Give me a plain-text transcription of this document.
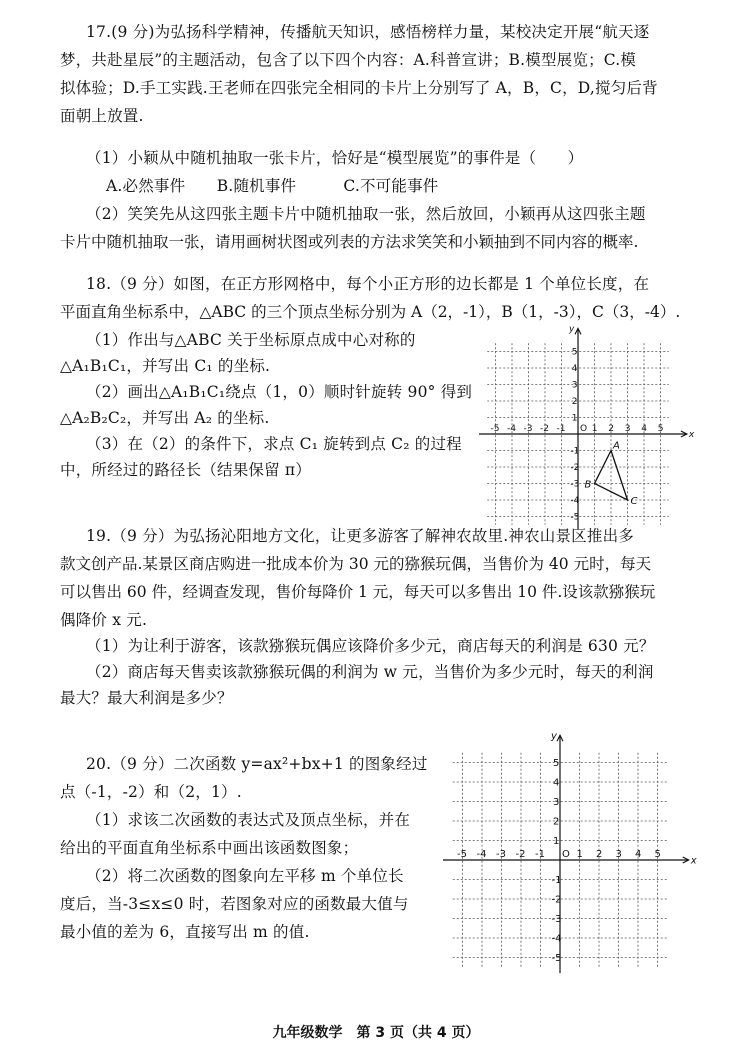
17.(9 分)为弘扬科学精神，传播航天知识，感悟榜样力量，某校决定开展“航天逐
梦，共赴星辰”的主题活动，包含了以下四个内容：A.科普宣讲；B.模型展览；C.模
拟体验；D.手工实践.王老师在四张完全相同的卡片上分别写了 A，B，C，D,搅匀后背
面朝上放置.
（1）小颖从中随机抽取一张卡片，恰好是“模型展览”的事件是（　　）
A.必然事件　　B.随机事件　　　C.不可能事件
（2）笑笑先从这四张主题卡片中随机抽取一张，然后放回，小颖再从这四张主题
卡片中随机抽取一张，请用画树状图或列表的方法求笑笑和小颖抽到不同内容的概率.
18.（9 分）如图，在正方形网格中，每个小正方形的边长都是 1 个单位长度，在
平面直角坐标系中，△ABC 的三个顶点坐标分别为 A（2，-1），B（1，-3），C（3，-4）.
（1）作出与△ABC 关于坐标原点成中心对称的
△A₁B₁C₁，并写出 C₁ 的坐标.
（2）画出△A₁B₁C₁绕点（1，0）顺时针旋转 90° 得到
△A₂B₂C₂，并写出 A₂ 的坐标.
（3）在（2）的条件下，求点 C₁ 旋转到点 C₂ 的过程
中，所经过的路径长（结果保留 π）
x
y
O
-5 -4 -3 -2 -1	1 2 3 4 5
5
4
3
2
1
-1
-2
-3
-4
-5
A
B
C
19.（9 分）为弘扬沁阳地方文化，让更多游客了解神农故里.神农山景区推出多
款文创产品.某景区商店购进一批成本价为 30 元的猕猴玩偶，当售价为 40 元时，每天
可以售出 60 件，经调查发现，售价每降价 1 元，每天可以多售出 10 件.设该款猕猴玩
偶降价 x 元.
（1）为让利于游客，该款猕猴玩偶应该降价多少元，商店每天的利润是 630 元？
（2）商店每天售卖该款猕猴玩偶的利润为 w 元，当售价为多少元时，每天的利润
最大？最大利润是多少？
20.（9 分）二次函数 y=ax²+bx+1 的图象经过
点（-1，-2）和（2，1）.
（1）求该二次函数的表达式及顶点坐标，并在
给出的平面直角坐标系中画出该函数图象；
（2）将二次函数的图象向左平移 m 个单位长
度后，当-3≤x≤0 时，若图象对应的函数最大值与
最小值的差为 6，直接写出 m 的值.
x
y
O
-5 -4 -3 -2 -1	1 2 3 4 5
5
4
3
2
1
-1
-2
-3
-4
-5
九年级数学　第 3 页（共 4 页）
